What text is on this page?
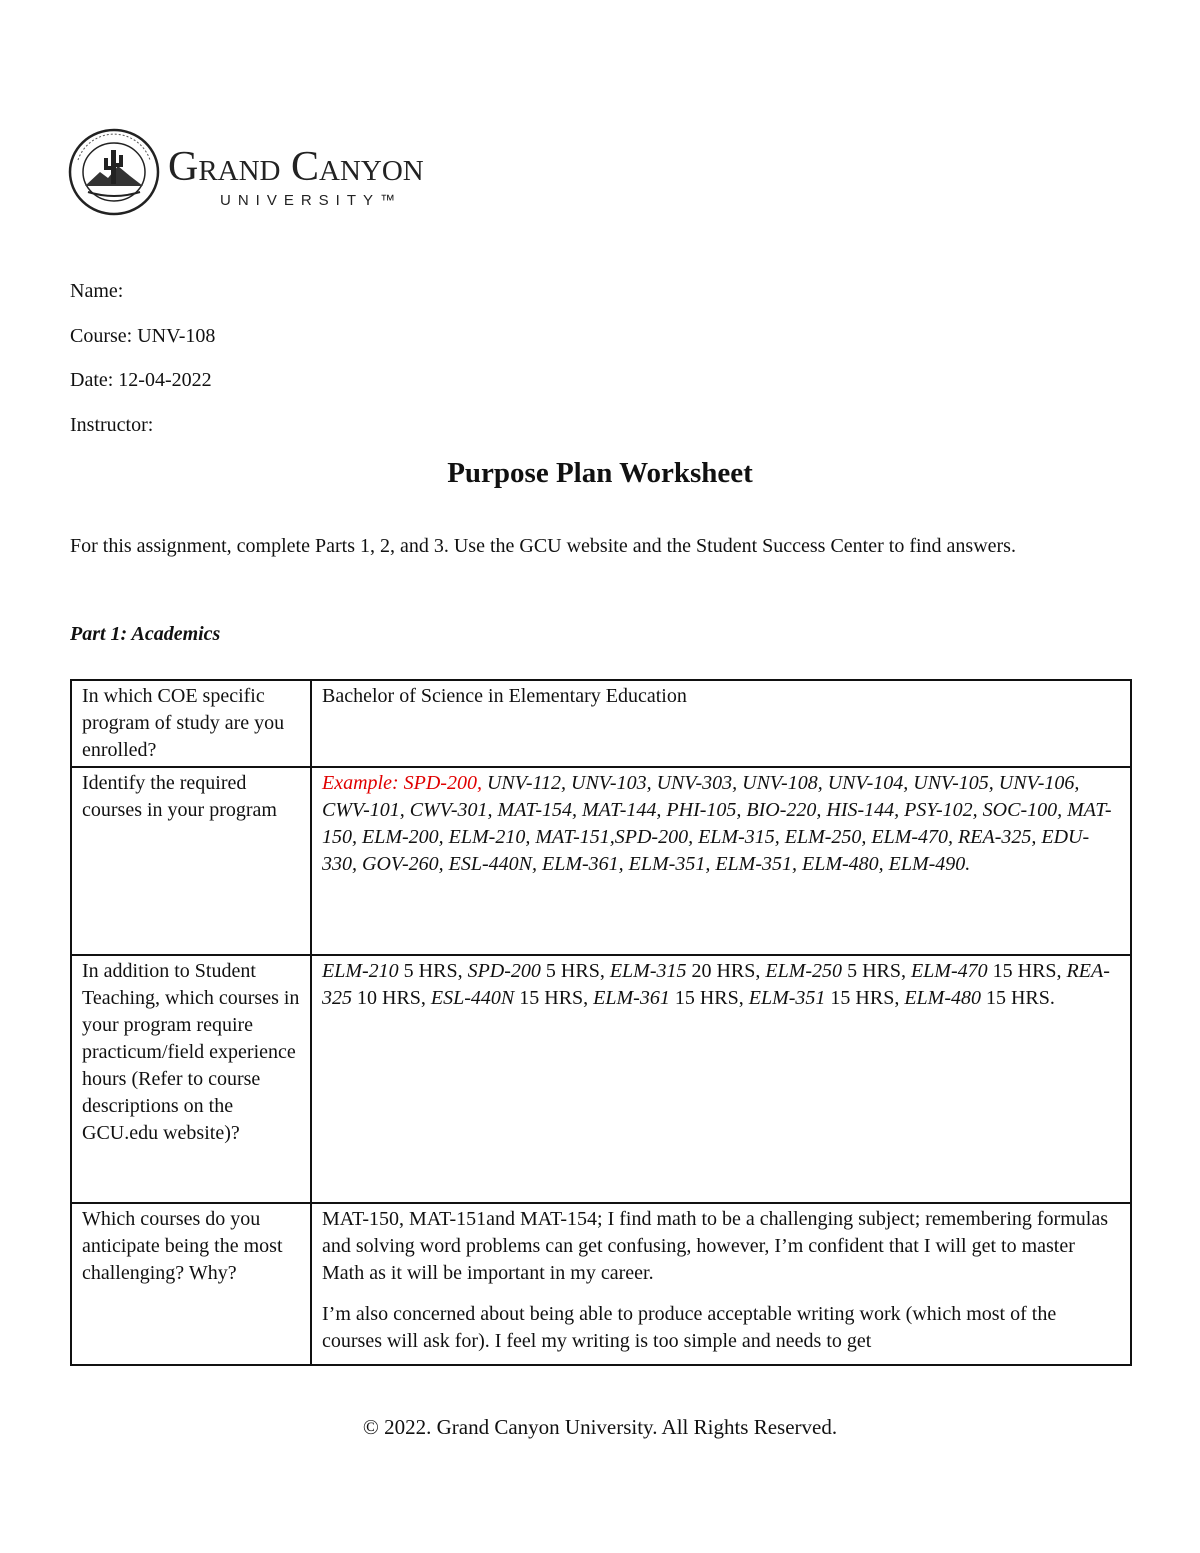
Grand Canyon
UNIVERSITY™
Name:
Course: UNV-108
Date: 12-04-2022
Instructor:
Purpose Plan Worksheet
For this assignment, complete Parts 1, 2, and 3. Use the GCU website and the Student Success Center to find answers.
Part 1: Academics
In which COE specific program of study are you enrolled?	Bachelor of Science in Elementary Education
Identify the required courses in your program	Example: SPD-200, UNV-112, UNV-103, UNV-303, UNV-108, UNV-104, UNV-105, UNV-106, CWV-101, CWV-301, MAT-154, MAT-144, PHI-105, BIO-220, HIS-144, PSY-102, SOC-100, MAT-150, ELM-200, ELM-210, MAT-151,SPD-200, ELM-315, ELM-250, ELM-470, REA-325, EDU-330, GOV-260, ESL-440N, ELM-361, ELM-351, ELM-351, ELM-480, ELM-490.
In addition to Student Teaching, which courses in your program require practicum/field experience hours (Refer to course descriptions on the GCU.edu website)?	ELM-210 5 HRS, SPD-200 5 HRS, ELM-315 20 HRS, ELM-250 5 HRS, ELM-470 15 HRS, REA-325 10 HRS, ESL-440N 15 HRS, ELM-361 15 HRS, ELM-351 15 HRS, ELM-480 15 HRS.
Which courses do you anticipate being the most challenging? Why?	MAT-150, MAT-151and MAT-154; I find math to be a challenging subject; remembering formulas and solving word problems can get confusing, however, I’m confident that I will get to master Math as it will be important in my career.
I’m also concerned about being able to produce acceptable writing work (which most of the courses will ask for). I feel my writing is too simple and needs to get
© 2022. Grand Canyon University. All Rights Reserved.
